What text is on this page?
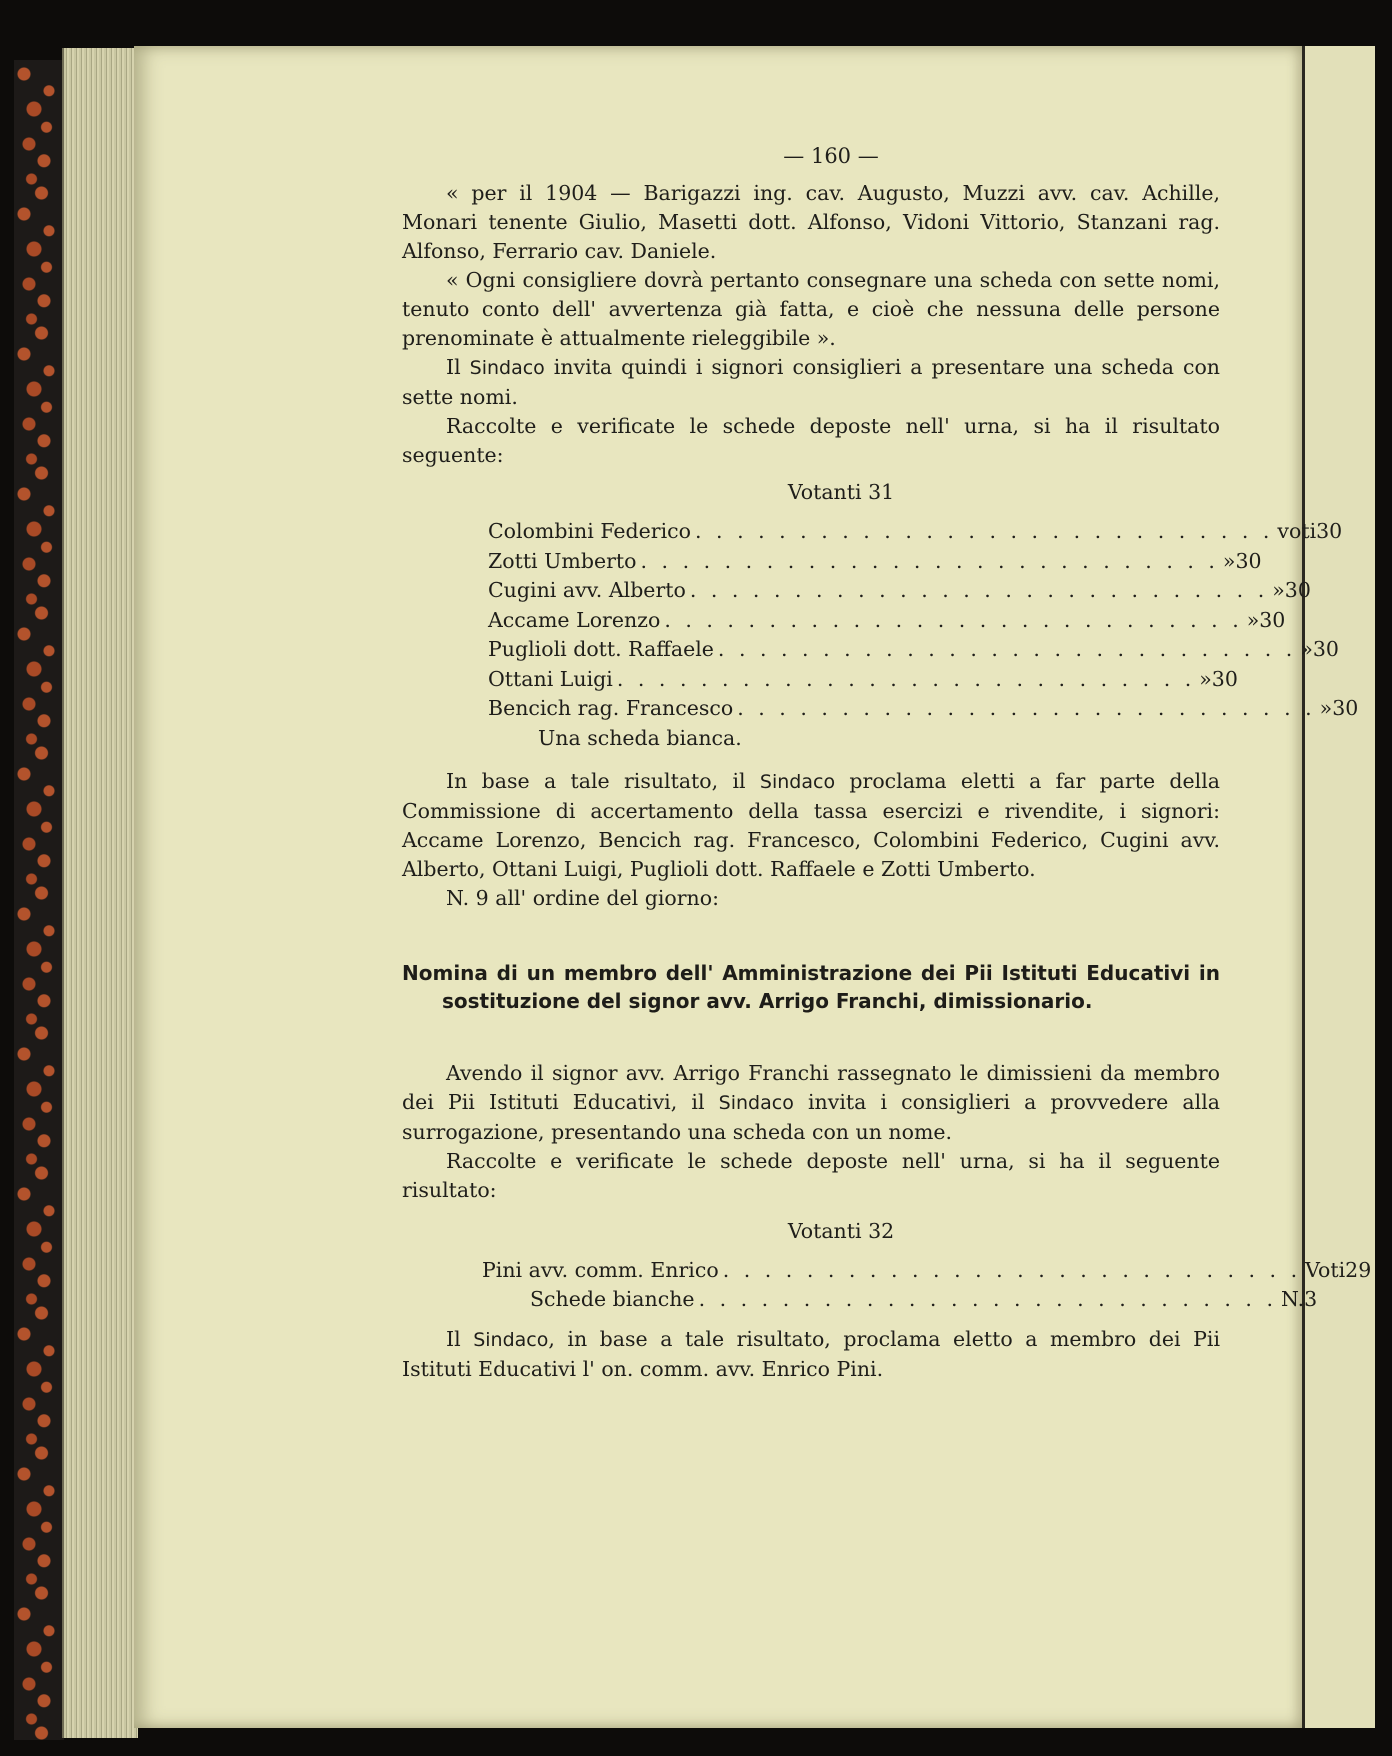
— 160 —

« per il 1904 — Barigazzi ing. cav. Augusto, Muzzi avv. cav. Achille, Monari tenente Giulio, Masetti dott. Alfonso, Vidoni Vittorio, Stanzani rag. Alfonso, Ferrario cav. Daniele.

« Ogni consigliere dovrà pertanto consegnare una scheda con sette nomi, tenuto conto dell' avvertenza già fatta, e cioè che nessuna delle persone prenominate è attualmente rieleggibile ».

Il Sindaco invita quindi i signori consiglieri a presentare una scheda con sette nomi.

Raccolte e verificate le schede deposte nell' urna, si ha il risultato seguente:

Votanti 31
Colombini Federico . . . . . . . . . . . . . . . . . . . . . . . . . . . . voti 30
Zotti Umberto . . . . . . . . . . . . . . . . . . . . . . . . . . . . » 30
Cugini avv. Alberto . . . . . . . . . . . . . . . . . . . . . . . . . . . . » 30
Accame Lorenzo . . . . . . . . . . . . . . . . . . . . . . . . . . . . » 30
Puglioli dott. Raffaele . . . . . . . . . . . . . . . . . . . . . . . . . . . . » 30
Ottani Luigi . . . . . . . . . . . . . . . . . . . . . . . . . . . . » 30
Bencich rag. Francesco . . . . . . . . . . . . . . . . . . . . . . . . . . . . » 30
Una scheda bianca.

In base a tale risultato, il Sindaco proclama eletti a far parte della Commissione di accertamento della tassa esercizi e rivendite, i signori: Accame Lorenzo, Bencich rag. Francesco, Colombini Federico, Cugini avv. Alberto, Ottani Luigi, Puglioli dott. Raffaele e Zotti Umberto.

N. 9 all' ordine del giorno:

Nomina di un membro dell' Amministrazione dei Pii Istituti Educativi in sostituzione del signor avv. Arrigo Franchi, dimissionario.

Avendo il signor avv. Arrigo Franchi rassegnato le dimissieni da membro dei Pii Istituti Educativi, il Sindaco invita i consiglieri a provvedere alla surrogazione, presentando una scheda con un nome.

Raccolte e verificate le schede deposte nell' urna, si ha il seguente risultato:

Votanti 32
Pini avv. comm. Enrico . . . . . . . . . . . . . . . . . . . . . . . . . . . . Voti 29
Schede bianche . . . . . . . . . . . . . . . . . . . . . . . . . . . . N. 3

Il Sindaco, in base a tale risultato, proclama eletto a membro dei Pii Istituti Educativi l' on. comm. avv. Enrico Pini.
